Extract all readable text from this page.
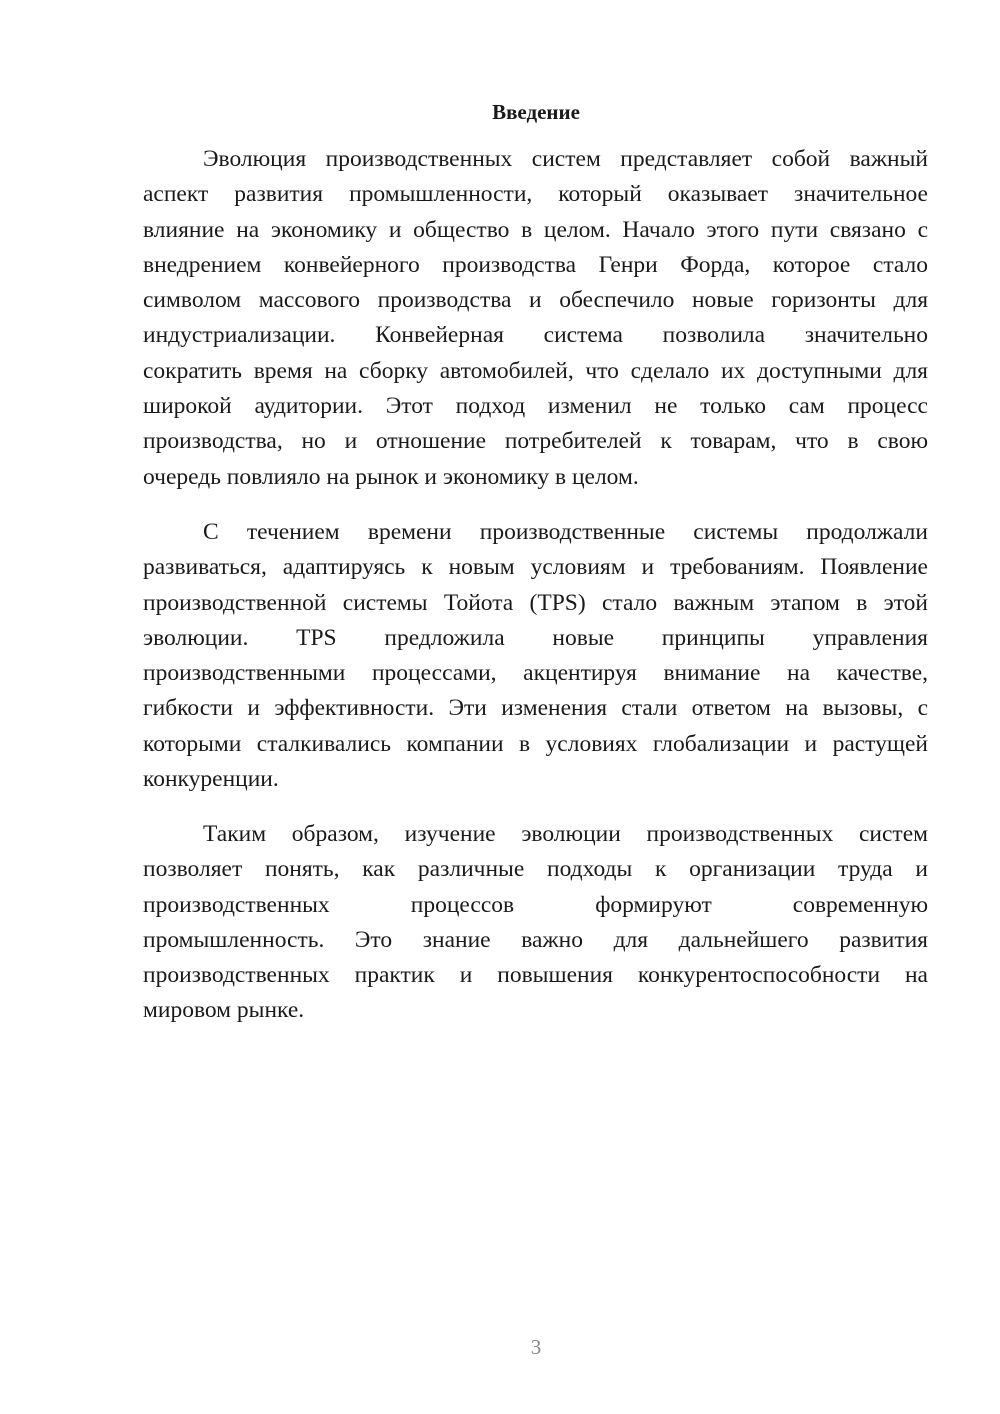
Введение
Эволюция производственных систем представляет собой важный
аспект развития промышленности, который оказывает значительное
влияние на экономику и общество в целом. Начало этого пути связано с
внедрением конвейерного производства Генри Форда, которое стало
символом массового производства и обеспечило новые горизонты для
индустриализации. Конвейерная система позволила значительно
сократить время на сборку автомобилей, что сделало их доступными для
широкой аудитории. Этот подход изменил не только сам процесс
производства, но и отношение потребителей к товарам, что в свою
очередь повлияло на рынок и экономику в целом.
С течением времени производственные системы продолжали
развиваться, адаптируясь к новым условиям и требованиям. Появление
производственной системы Тойота (TPS) стало важным этапом в этой
эволюции. TPS предложила новые принципы управления
производственными процессами, акцентируя внимание на качестве,
гибкости и эффективности. Эти изменения стали ответом на вызовы, с
которыми сталкивались компании в условиях глобализации и растущей
конкуренции.
Таким образом, изучение эволюции производственных систем
позволяет понять, как различные подходы к организации труда и
производственных процессов формируют современную
промышленность. Это знание важно для дальнейшего развития
производственных практик и повышения конкурентоспособности на
мировом рынке.
3
